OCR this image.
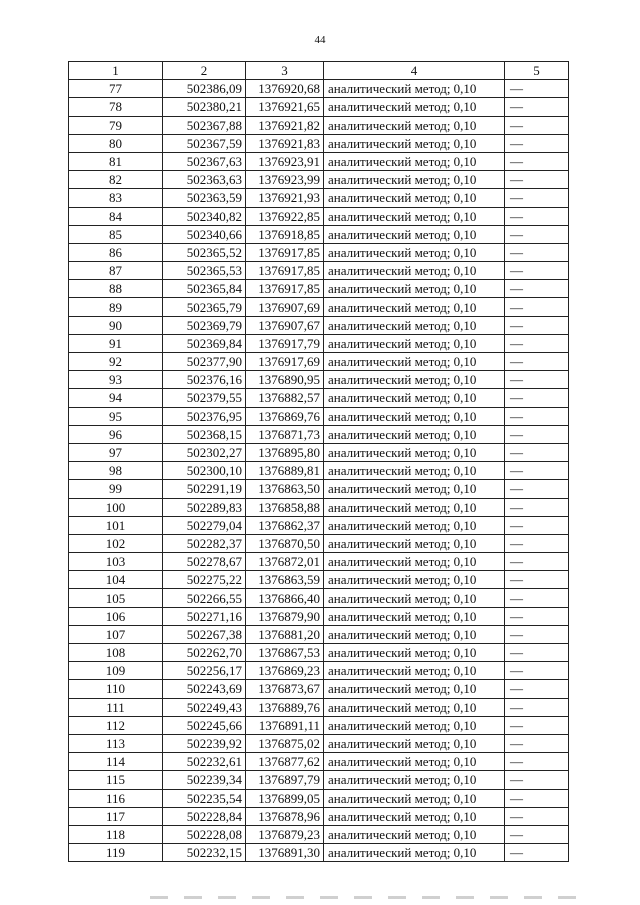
44
1	2	3	4	5
77	502386,09	1376920,68	аналитический метод; 0,10	—
78	502380,21	1376921,65	аналитический метод; 0,10	—
79	502367,88	1376921,82	аналитический метод; 0,10	—
80	502367,59	1376921,83	аналитический метод; 0,10	—
81	502367,63	1376923,91	аналитический метод; 0,10	—
82	502363,63	1376923,99	аналитический метод; 0,10	—
83	502363,59	1376921,93	аналитический метод; 0,10	—
84	502340,82	1376922,85	аналитический метод; 0,10	—
85	502340,66	1376918,85	аналитический метод; 0,10	—
86	502365,52	1376917,85	аналитический метод; 0,10	—
87	502365,53	1376917,85	аналитический метод; 0,10	—
88	502365,84	1376917,85	аналитический метод; 0,10	—
89	502365,79	1376907,69	аналитический метод; 0,10	—
90	502369,79	1376907,67	аналитический метод; 0,10	—
91	502369,84	1376917,79	аналитический метод; 0,10	—
92	502377,90	1376917,69	аналитический метод; 0,10	—
93	502376,16	1376890,95	аналитический метод; 0,10	—
94	502379,55	1376882,57	аналитический метод; 0,10	—
95	502376,95	1376869,76	аналитический метод; 0,10	—
96	502368,15	1376871,73	аналитический метод; 0,10	—
97	502302,27	1376895,80	аналитический метод; 0,10	—
98	502300,10	1376889,81	аналитический метод; 0,10	—
99	502291,19	1376863,50	аналитический метод; 0,10	—
100	502289,83	1376858,88	аналитический метод; 0,10	—
101	502279,04	1376862,37	аналитический метод; 0,10	—
102	502282,37	1376870,50	аналитический метод; 0,10	—
103	502278,67	1376872,01	аналитический метод; 0,10	—
104	502275,22	1376863,59	аналитический метод; 0,10	—
105	502266,55	1376866,40	аналитический метод; 0,10	—
106	502271,16	1376879,90	аналитический метод; 0,10	—
107	502267,38	1376881,20	аналитический метод; 0,10	—
108	502262,70	1376867,53	аналитический метод; 0,10	—
109	502256,17	1376869,23	аналитический метод; 0,10	—
110	502243,69	1376873,67	аналитический метод; 0,10	—
111	502249,43	1376889,76	аналитический метод; 0,10	—
112	502245,66	1376891,11	аналитический метод; 0,10	—
113	502239,92	1376875,02	аналитический метод; 0,10	—
114	502232,61	1376877,62	аналитический метод; 0,10	—
115	502239,34	1376897,79	аналитический метод; 0,10	—
116	502235,54	1376899,05	аналитический метод; 0,10	—
117	502228,84	1376878,96	аналитический метод; 0,10	—
118	502228,08	1376879,23	аналитический метод; 0,10	—
119	502232,15	1376891,30	аналитический метод; 0,10	—
